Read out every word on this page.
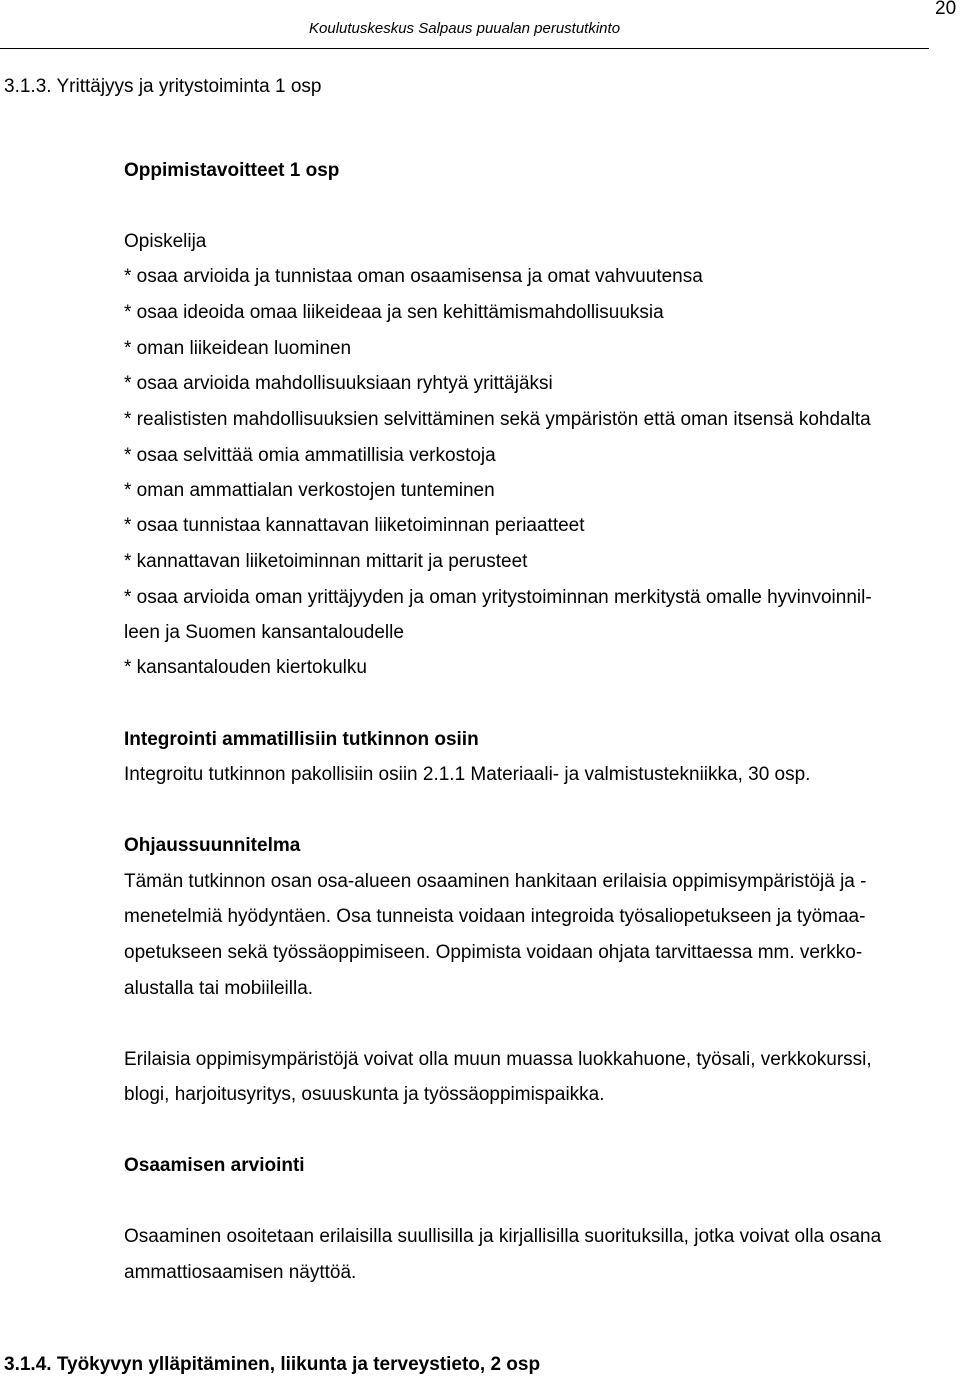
Koulutuskeskus Salpaus puualan perustutkinto
20
3.1.3. Yrittäjyys ja yritystoiminta 1 osp
Oppimistavoitteet 1 osp
Opiskelija
* osaa arvioida ja tunnistaa oman osaamisensa ja omat vahvuutensa
* osaa ideoida omaa liikeideaa ja sen kehittämismahdollisuuksia
* oman liikeidean luominen
* osaa arvioida mahdollisuuksiaan ryhtyä yrittäjäksi
* realististen mahdollisuuksien selvittäminen sekä ympäristön että oman itsensä kohdalta
* osaa selvittää omia ammatillisia verkostoja
* oman ammattialan verkostojen tunteminen
* osaa tunnistaa kannattavan liiketoiminnan periaatteet
* kannattavan liiketoiminnan mittarit ja perusteet
* osaa arvioida oman yrittäjyyden ja oman yritystoiminnan merkitystä omalle hyvinvoinnil-
leen ja Suomen kansantaloudelle
* kansantalouden kiertokulku
Integrointi ammatillisiin tutkinnon osiin
Integroitu tutkinnon pakollisiin osiin 2.1.1 Materiaali- ja valmistustekniikka, 30 osp.
Ohjaussuunnitelma
Tämän tutkinnon osan osa-alueen osaaminen hankitaan erilaisia oppimisympäristöjä ja -
menetelmiä hyödyntäen. Osa tunneista voidaan integroida työsaliopetukseen ja työmaa-
opetukseen sekä työssäoppimiseen. Oppimista voidaan ohjata tarvittaessa mm. verkko-
alustalla tai mobiileilla.
Erilaisia oppimisympäristöjä voivat olla muun muassa luokkahuone, työsali, verkkokurssi,
blogi, harjoitusyritys, osuuskunta ja työssäoppimispaikka.
Osaamisen arviointi
Osaaminen osoitetaan erilaisilla suullisilla ja kirjallisilla suorituksilla, jotka voivat olla osana
ammattiosaamisen näyttöä.
3.1.4. Työkyvyn ylläpitäminen, liikunta ja terveystieto, 2 osp
